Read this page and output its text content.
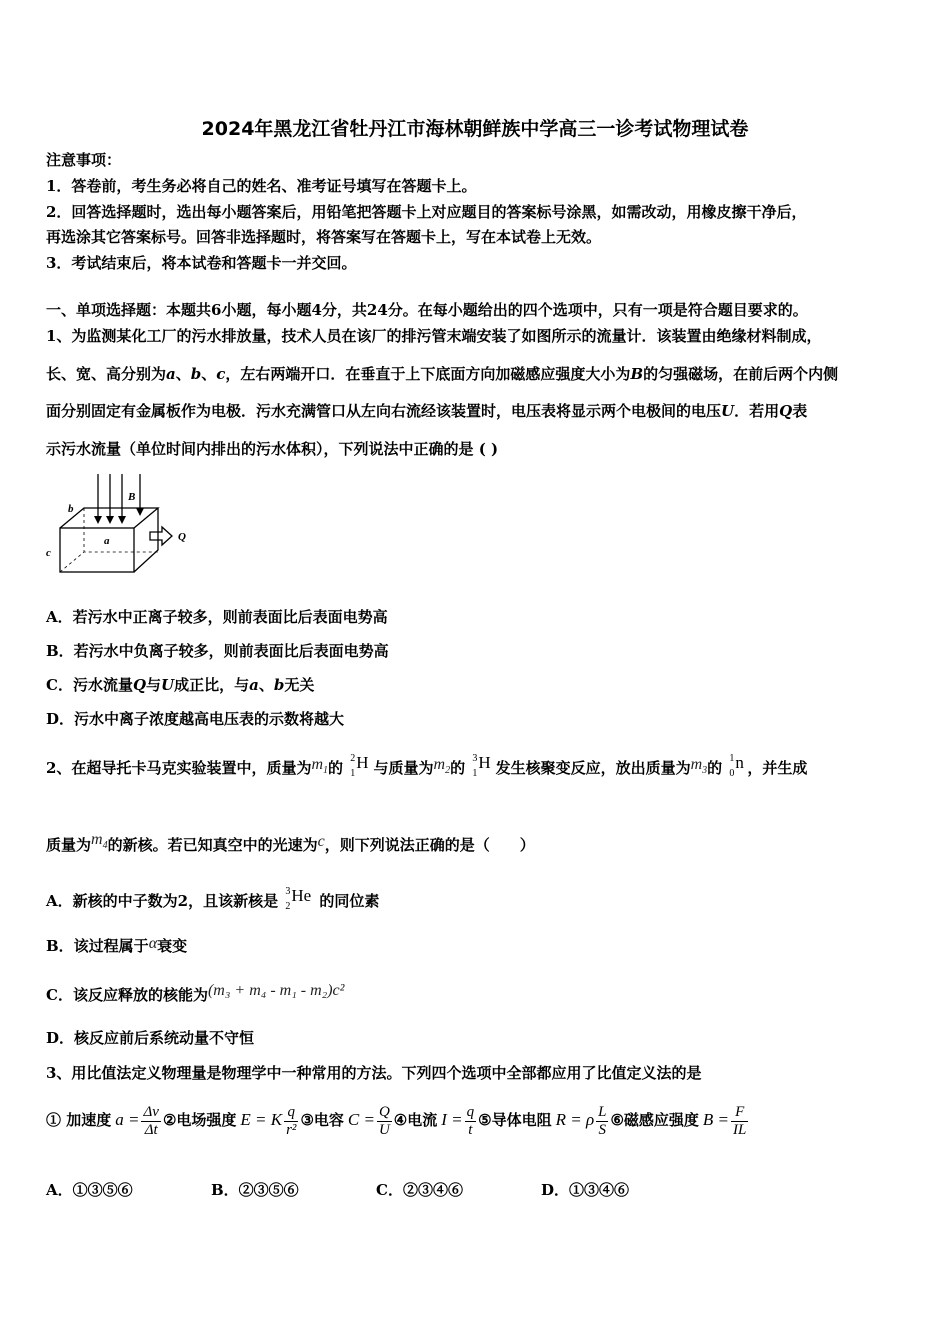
2024年黑龙江省牡丹江市海林朝鲜族中学高三一诊考试物理试卷
注意事项：
1．答卷前，考生务必将自己的姓名、准考证号填写在答题卡上。
2．回答选择题时，选出每小题答案后，用铅笔把答题卡上对应题目的答案标号涂黑，如需改动，用橡皮擦干净后，
再选涂其它答案标号。回答非选择题时，将答案写在答题卡上，写在本试卷上无效。
3．考试结束后，将本试卷和答题卡一并交回。
一、单项选择题：本题共6小题，每小题4分，共24分。在每小题给出的四个选项中，只有一项是符合题目要求的。
1、为监测某化工厂的污水排放量，技术人员在该厂的排污管末端安装了如图所示的流量计．该装置由绝缘材料制成，
长、宽、高分别为a、b、c，左右两端开口．在垂直于上下底面方向加磁感应强度大小为B的匀强磁场，在前后两个内侧
面分别固定有金属板作为电极．污水充满管口从左向右流经该装置时，电压表将显示两个电极间的电压U．若用Q表
示污水流量（单位时间内排出的污水体积），下列说法中正确的是 ( )
b
B
a
c
Q
A．若污水中正离子较多，则前表面比后表面电势高
B．若污水中负离子较多，则前表面比后表面电势高
C．污水流量Q与U成正比，与a、b无关
D．污水中离子浓度越高电压表的示数将越大
2、在超导托卡马克实验装置中，质量为$m_1$的
2
1
H 与质量为$m_2$的
3
1
H 发生核聚变反应，放出质量为$m_3$的
1
0
n ，并生成
质量为$m_4$的新核。若已知真空中的光速为c，则下列说法正确的是（　　）
A．新核的中子数为2，且该新核是
3
2
He 的同位素
B．该过程属于α衰变
C．该反应释放的核能为(m₃ + m₄ - m₁ - m₂)c²
D．核反应前后系统动量不守恒
3、用比值法定义物理量是物理学中一种常用的方法。下列四个选项中全部都应用了比值定义法的是
① 加速度 $a = \frac{\Delta v}{\Delta t}$ ②电场强度 E = K $\frac{q}{\text{r²}}$ ③电容 $C = \frac{Q}{U}$ ④电流 $I = \frac{q}{t}$ ⑤导体电阻 R = ρ $\frac{L}{S}$ ⑥磁感应强度 $B = \frac{F}{IL}$
A．①③⑤⑥	B．②③⑤⑥	C．②③④⑥	D．①③④⑥
